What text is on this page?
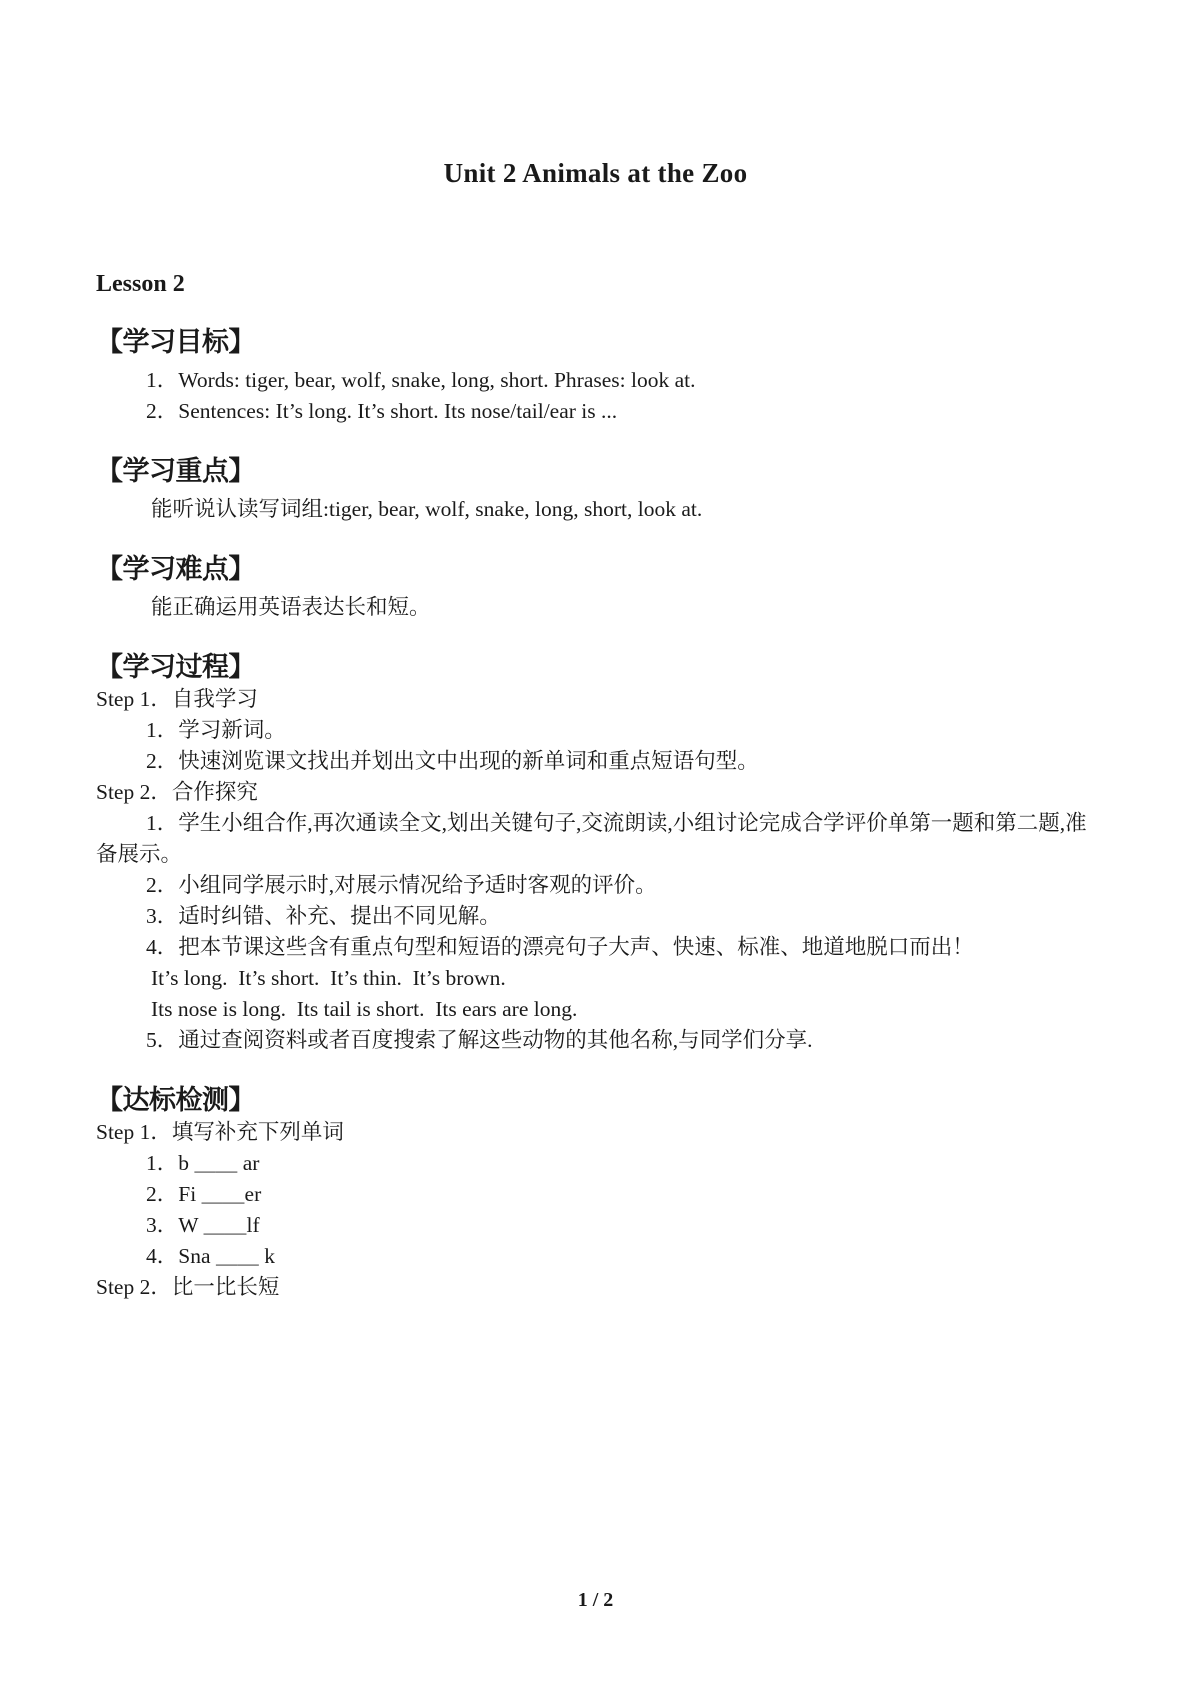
Unit 2 Animals at the Zoo
Lesson 2
【学习目标】

1．Words: tiger, bear, wolf, snake, long, short. Phrases: look at.

2．Sentences: It’s long. It’s short. Its nose/tail/ear is ...

【学习重点】

能听说认读写词组:tiger, bear, wolf, snake, long, short, look at.

【学习难点】

能正确运用英语表达长和短。

【学习过程】

Step 1．自我学习

1．学习新词。

2．快速浏览课文找出并划出文中出现的新单词和重点短语句型。

Step 2．合作探究

1．学生小组合作,再次通读全文,划出关键句子,交流朗读,小组讨论完成合学评价单第一题和第二题,准备展示。

2．小组同学展示时,对展示情况给予适时客观的评价。

3．适时纠错、补充、提出不同见解。

4．把本节课这些含有重点句型和短语的漂亮句子大声、快速、标准、地道地脱口而出！

It’s long.  It’s short.  It’s thin.  It’s brown.

Its nose is long.  Its tail is short.  Its ears are long.

5．通过查阅资料或者百度搜索了解这些动物的其他名称,与同学们分享.

【达标检测】

Step 1．填写补充下列单词

1．b ＿＿ ar

2．Fi ＿＿er

3．W ＿＿lf

4．Sna ＿＿ k

Step 2．比一比长短

1 / 2
